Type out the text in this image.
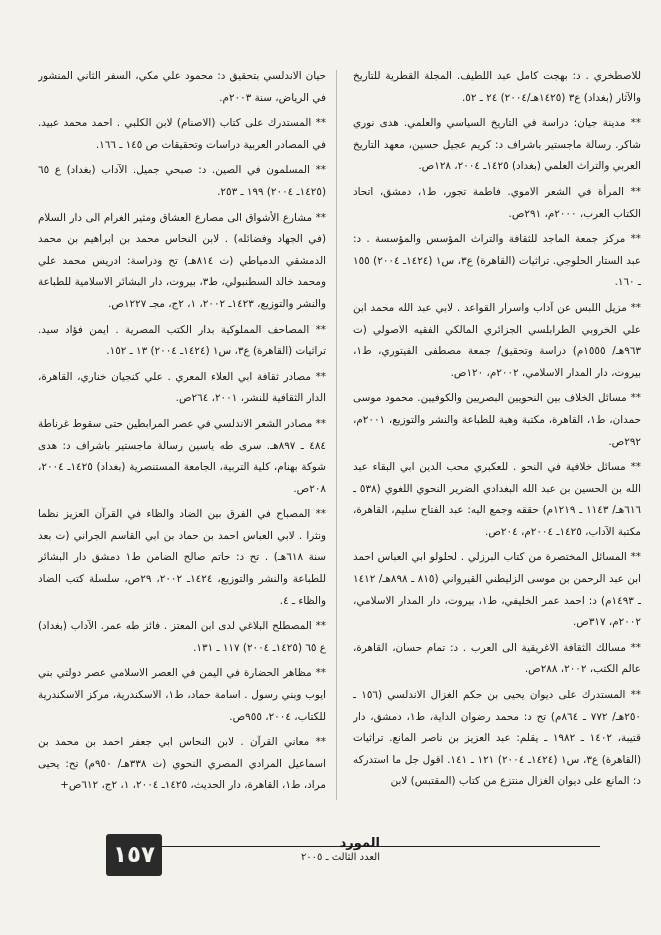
للاصطخري . د: بهجت كامل عبد اللطيف. المجلة القطرية للتاريخ والآثار (بغداد) ع٣ (١٤٢٥هـ/٢٠٠٤) ٢٤ ـ ٥٢.

** مدينة جيان: دراسة في التاريخ السياسي والعلمي. هدى نوري شاكر. رسالة ماجستير باشراف د: كريم عجيل حسين، معهد التاريخ العربي والتراث العلمي (بغداد) ١٤٢٥ـ ٢٠٠٤، ١٢٨ص.

** المرأة في الشعر الاموي. فاطمة تجور، ط١، دمشق، اتحاد الكتاب العرب، ٢٠٠٠م، ٢٩١ص.

** مركز جمعة الماجد للثقافة والتراث المؤسس والمؤسسة . د: عبد الستار الحلوجي. تراثيات (القاهرة) ع٣، س١ (١٤٢٤ـ ٢٠٠٤) ١٥٥ ـ ١٦٠.

** مزيل اللبس عن آداب واسرار القواعد . لابي عبد الله محمد ابن علي الخروبي الطرابلسي الجزائري المالكي الفقيه الاصولي (ت ٩٦٣هـ/ ١٥٥٥م) دراسة وتحقيق/ جمعة مصطفى الفيتوري، ط١، بيروت، دار المدار الاسلامي، ٢٠٠٢م، ١٢٠ص.

** مسائل الخلاف بين النحويين البصريين والكوفيين. محمود موسى حمدان، ط١، القاهرة، مكتبة وهبة للطباعة والنشر والتوزيع، ٢٠٠١م، ٢٩٢ص.

** مسائل خلافية في النحو . للعكبري محب الدين ابي البقاء عبد الله بن الحسين بن عبد الله البغدادي الضرير النحوي اللغوي (٥٣٨ ـ ٦١٦هـ/ ١١٤٣ ـ ١٢١٩م) حققه وجمع اليه: عبد الفتاح سليم، القاهرة، مكتبة الآداب، ١٤٢٥ـ ٢٠٠٤م، ٢٠٤ص.

** المسائل المختصرة من كتاب البرزلي . لحلولو ابي العباس احمد ابن عبد الرحمن بن موسى الزليطني القيرواني (٨١٥ ـ ٨٩٨هـ/ ١٤١٢ ـ ١٤٩٣م) د: احمد عمر الخليفي، ط١، بيروت، دار المدار الاسلامي، ٢٠٠٢م، ٣١٧ص.

** مسالك الثقافة الاغريقية الى العرب . د: تمام حسان، القاهرة، عالم الكتب، ٢٠٠٢، ٢٨٨ص.

** المستدرك على ديوان يحيى بن حكم الغزال الاندلسي (١٥٦ ـ ٢٥٠هـ/ ٧٧٢ ـ ٨٦٤م) تح د: محمد رضوان الداية، ط١، دمشق، دار قتيبة، ١٤٠٢ ـ ١٩٨٢ ـ يقلم: عبد العزيز بن ناصر المانع. تراثيات (القاهرة) ع٣، س١ (١٤٢٤ـ ٢٠٠٤) ١٢١ ـ ١٤١. اقول جل ما استدركه د: المانع على ديوان الغزال منتزع من كتاب (المقتبس) لابن

حيان الاندلسي بتحقيق د: محمود علي مكي، السفر الثاني المنشور في الرياض، سنة ٢٠٠٣م.

** المستدرك على كتاب (الاصنام) لابن الكلبي . احمد محمد عبيد. في المصادر العربية دراسات وتحقيقات ص ١٤٥ ـ ١٦٦.

** المسلمون في الصين. د: صبحي جميل. الآداب (بغداد) ع ٦٥ (١٤٢٥ـ ٢٠٠٤) ١٩٩ ـ ٢٥٣.

** مشارع الأشواق الى مصارع العشاق ومثير الغرام الى دار السلام (في الجهاد وفضائله) . لابن النحاس محمد بن ابراهيم بن محمد الدمشقي الدمياطي (ت ٨١٤هـ) تح ودراسة: ادريس محمد علي ومحمد خالد السطنبولي، ط٣، بيروت، دار البشائر الاسلامية للطباعة والنشر والتوزيع، ١٤٢٣ـ ٢٠٠٢، ١، ٢ج، مجـ ١٢٢٧ص.

** المصاحف المملوكية بدار الكتب المصرية . ايمن فؤاد سيد. تراثيات (القاهرة) ع٣، س١ (١٤٢٤ـ ٢٠٠٤) ١٣ ـ ١٥٢.

** مصادر ثقافة ابي العلاء المعري . علي كنجيان خناري، القاهرة، الدار الثقافية للنشر، ٢٠٠١، ٢٦٤ص.

** مصادر الشعر الاندلسي في عصر المرابطين حتى سقوط غرناطة ٤٨٤ ـ ٨٩٧هـ. سرى طه ياسين رسالة ماجستير باشراف د: هدى شوكة بهنام، كلية التربية، الجامعة المستنصرية (بغداد) ١٤٢٥ـ ٢٠٠٤، ٢٠٨ص.

** المصباح في الفرق بين الضاد والظاء في القرآن العزيز نظما ونثرا . لابي العباس احمد بن حماد بن ابي القاسم الجراني (ت بعد سنة ٦١٨هـ) . تح د: حاتم صالح الضامن ط١ دمشق دار البشائر للطباعة والنشر والتوزيع، ١٤٢٤ـ ٢٠٠٢، ٢٩ص، سلسلة كتب الضاد والظاء ـ ٤.

** المصطلح البلاغي لدى ابن المعتز . فائز طه عمر. الآداب (بغداد) ع ٦٥ (١٤٢٥ـ ٢٠٠٤) ١١٧ ـ ١٣١.

** مظاهر الحضارة في اليمن في العصر الاسلامي عصر دولتي بني ايوب وبني رسول . اسامة حماد، ط١، الاسكندرية، مركز الاسكندرية للكتاب، ٢٠٠٤، ٩٥٥ص.

** معاني القرآن . لابن النحاس ابي جعفر احمد بن محمد بن اسماعيل المرادي المصري النحوي (ت ٣٣٨هـ/ ٩٥٠م) تح: يحيى مراد، ط١، القاهرة، دار الحديث، ١٤٢٥ـ ٢٠٠٤، ١، ٢ج، ٦١٢ص+

١٥٧	المورد
العدد الثالث ـ ٢٠٠٥
